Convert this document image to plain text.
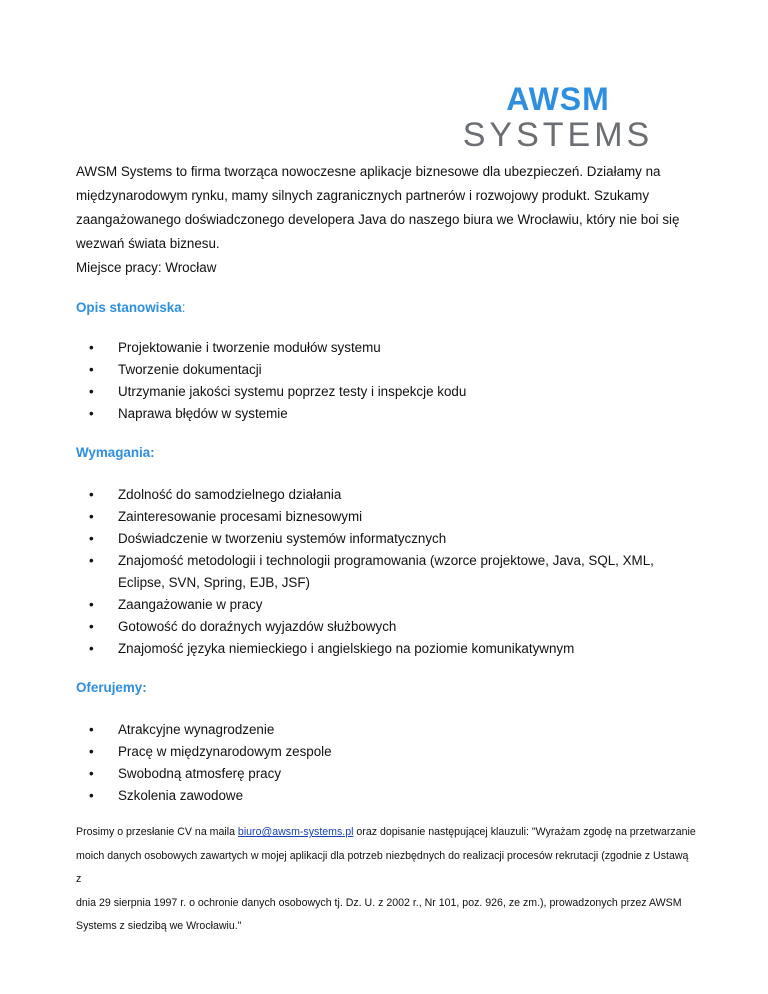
AWSM
SYSTEMS

AWSM Systems to firma tworząca nowoczesne aplikacje biznesowe dla ubezpieczeń. Działamy na

międzynarodowym rynku, mamy silnych zagranicznych partnerów i rozwojowy produkt. Szukamy

zaangażowanego doświadczonego developera Java do naszego biura we Wrocławiu, który nie boi się

wezwań świata biznesu.

Miejsce pracy: Wrocław

Opis stanowiska:

• Projektowanie i tworzenie modułów systemu
• Tworzenie dokumentacji
• Utrzymanie jakości systemu poprzez testy i inspekcje kodu
• Naprawa błędów w systemie

Wymagania:

• Zdolność do samodzielnego działania
• Zainteresowanie procesami biznesowymi
• Doświadczenie w tworzeniu systemów informatycznych
• Znajomość metodologii i technologii programowania (wzorce projektowe, Java, SQL, XML,
Eclipse, SVN, Spring, EJB, JSF)
• Zaangażowanie w pracy
• Gotowość do doraźnych wyjazdów służbowych
• Znajomość języka niemieckiego i angielskiego na poziomie komunikatywnym

Oferujemy:

• Atrakcyjne wynagrodzenie
• Pracę w międzynarodowym zespole
• Swobodną atmosferę pracy
• Szkolenia zawodowe

Prosimy o przesłanie CV na maila biuro@awsm-systems.pl oraz dopisanie następującej klauzuli: "Wyrażam zgodę na przetwarzanie

moich danych osobowych zawartych w mojej aplikacji dla potrzeb niezbędnych do realizacji procesów rekrutacji (zgodnie z Ustawą z

dnia 29 sierpnia 1997 r. o ochronie danych osobowych tj. Dz. U. z 2002 r., Nr 101, poz. 926, ze zm.), prowadzonych przez AWSM

Systems z siedzibą we Wrocławiu."
